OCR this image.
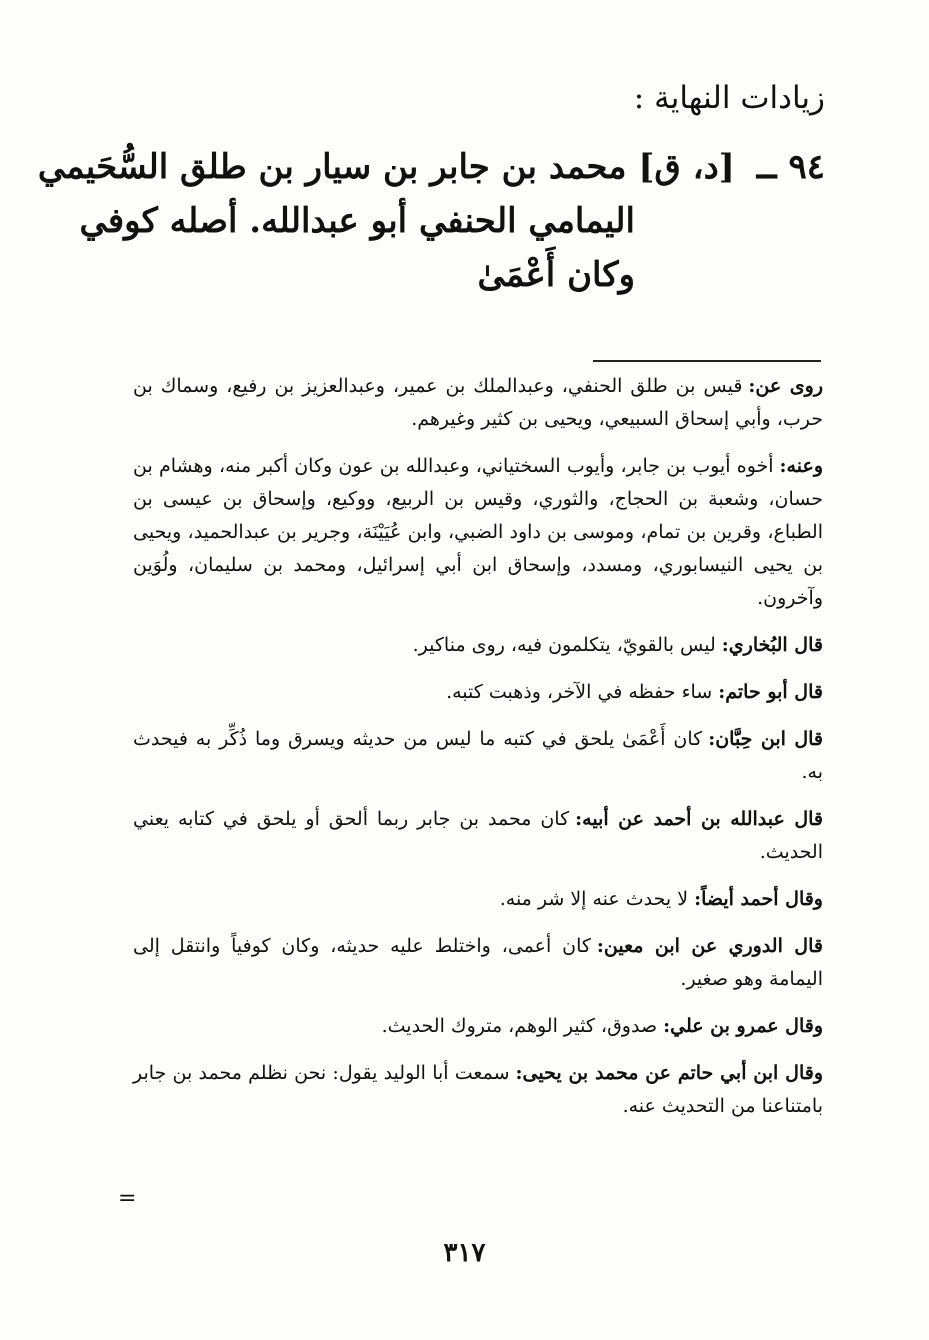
زيادات النهاية :
٩٤ ــ [د، ق] محمد بن جابر بن سيار بن طلق السُّحَيمي
اليمامي الحنفي أبو عبدالله. أصله كوفي
وكان أَعْمَىٰ

روى عن:قيس بن طلق الحنفي، وعبدالملك بن عمير، وعبدالعزيز بن رفيع، وسماك بن حرب، وأبي إسحاق السبيعي، ويحيى بن كثير وغيرهم.

وعنه:أخوه أيوب بن جابر، وأيوب السختياني، وعبدالله بن عون وكان أكبر منه، وهشام بن حسان، وشعبة بن الحجاج، والثوري، وقيس بن الربيع، ووكيع، وإسحاق بن عيسى بن الطباع، وقرين بن تمام، وموسى بن داود الضبي، وابن عُيَيْنَة، وجرير بن عبدالحميد، ويحيى بن يحيى النيسابوري، ومسدد، وإسحاق ابن أبي إسرائيل، ومحمد بن سليمان، ولُوَين وآخرون.

قال البُخاري:ليس بالقويّ، يتكلمون فيه، روى مناكير.

قال أبو حاتم:ساء حفظه في الآخر، وذهبت كتبه.

قال ابن حِبَّان:كان أَعْمَىٰ يلحق في كتبه ما ليس من حديثه ويسرق وما ذُكِّر به فيحدث به.

قال عبدالله بن أحمد عن أبيه:كان محمد بن جابر ربما ألحق أو يلحق في كتابه يعني الحديث.

وقال أحمد أيضاً:لا يحدث عنه إلا شر منه.

قال الدوري عن ابن معين:كان أعمى، واختلط عليه حديثه، وكان كوفياً وانتقل إلى اليمامة وهو صغير.

وقال عمرو بن علي:صدوق، كثير الوهم، متروك الحديث.

وقال ابن أبي حاتم عن محمد بن يحيى:سمعت أبا الوليد يقول: نحن نظلم محمد بن جابر بامتناعنا من التحديث عنه.

=
٣١٧
